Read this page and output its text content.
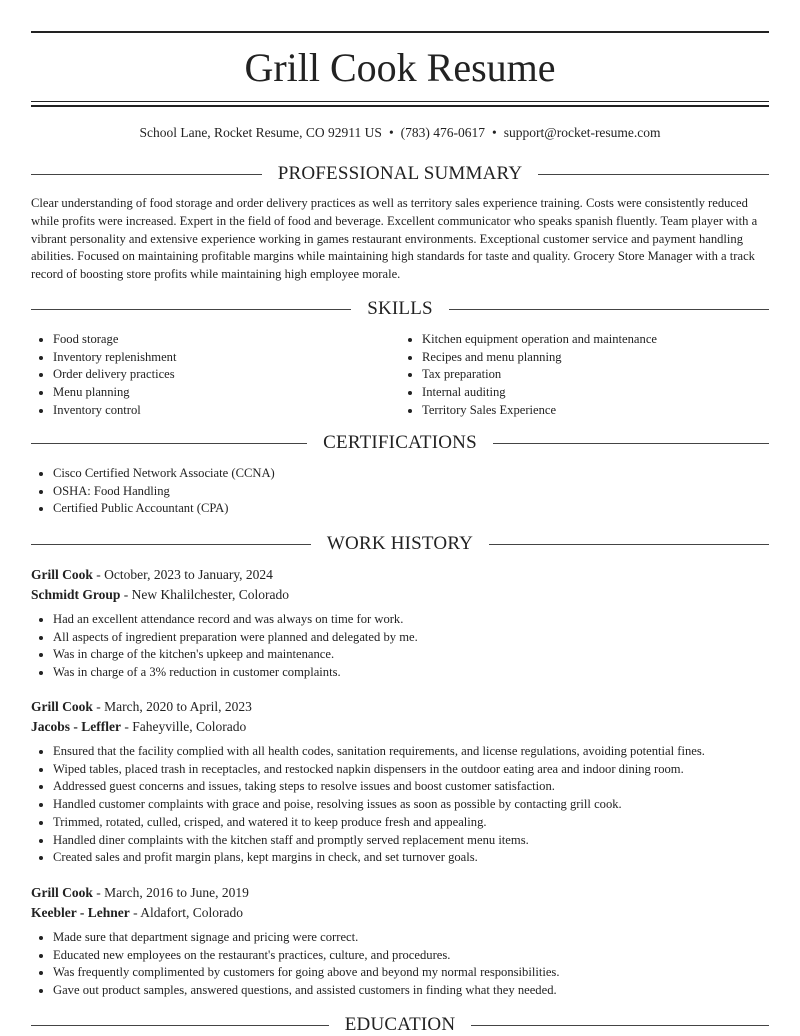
Grill Cook Resume
School Lane, Rocket Resume, CO 92911 US • (783) 476-0617 • support@rocket-resume.com
PROFESSIONAL SUMMARY

Clear understanding of food storage and order delivery practices as well as territory sales experience training. Costs were consistently reduced while profits were increased. Expert in the field of food and beverage. Excellent communicator who speaks spanish fluently. Team player with a vibrant personality and extensive experience working in games restaurant environments. Exceptional customer service and payment handling abilities. Focused on maintaining profitable margins while maintaining high standards for taste and quality. Grocery Store Manager with a track record of boosting store profits while maintaining high employee morale.

SKILLS
• Food storage
• Inventory replenishment
• Order delivery practices
• Menu planning
• Inventory control
• Kitchen equipment operation and maintenance
• Recipes and menu planning
• Tax preparation
• Internal auditing
• Territory Sales Experience
CERTIFICATIONS
• Cisco Certified Network Associate (CCNA)
• OSHA: Food Handling
• Certified Public Accountant (CPA)
WORK HISTORY
Grill Cook - October, 2023 to January, 2024
Schmidt Group - New Khalilchester, Colorado
• Had an excellent attendance record and was always on time for work.
• All aspects of ingredient preparation were planned and delegated by me.
• Was in charge of the kitchen's upkeep and maintenance.
• Was in charge of a 3% reduction in customer complaints.
Grill Cook - March, 2020 to April, 2023
Jacobs - Leffler - Faheyville, Colorado
• Ensured that the facility complied with all health codes, sanitation requirements, and license regulations, avoiding potential fines.
• Wiped tables, placed trash in receptacles, and restocked napkin dispensers in the outdoor eating area and indoor dining room.
• Addressed guest concerns and issues, taking steps to resolve issues and boost customer satisfaction.
• Handled customer complaints with grace and poise, resolving issues as soon as possible by contacting grill cook.
• Trimmed, rotated, culled, crisped, and watered it to keep produce fresh and appealing.
• Handled diner complaints with the kitchen staff and promptly served replacement menu items.
• Created sales and profit margin plans, kept margins in check, and set turnover goals.
Grill Cook - March, 2016 to June, 2019
Keebler - Lehner - Aldafort, Colorado
• Made sure that department signage and pricing were correct.
• Educated new employees on the restaurant's practices, culture, and procedures.
• Was frequently complimented by customers for going above and beyond my normal responsibilities.
• Gave out product samples, answered questions, and assisted customers in finding what they needed.
EDUCATION
